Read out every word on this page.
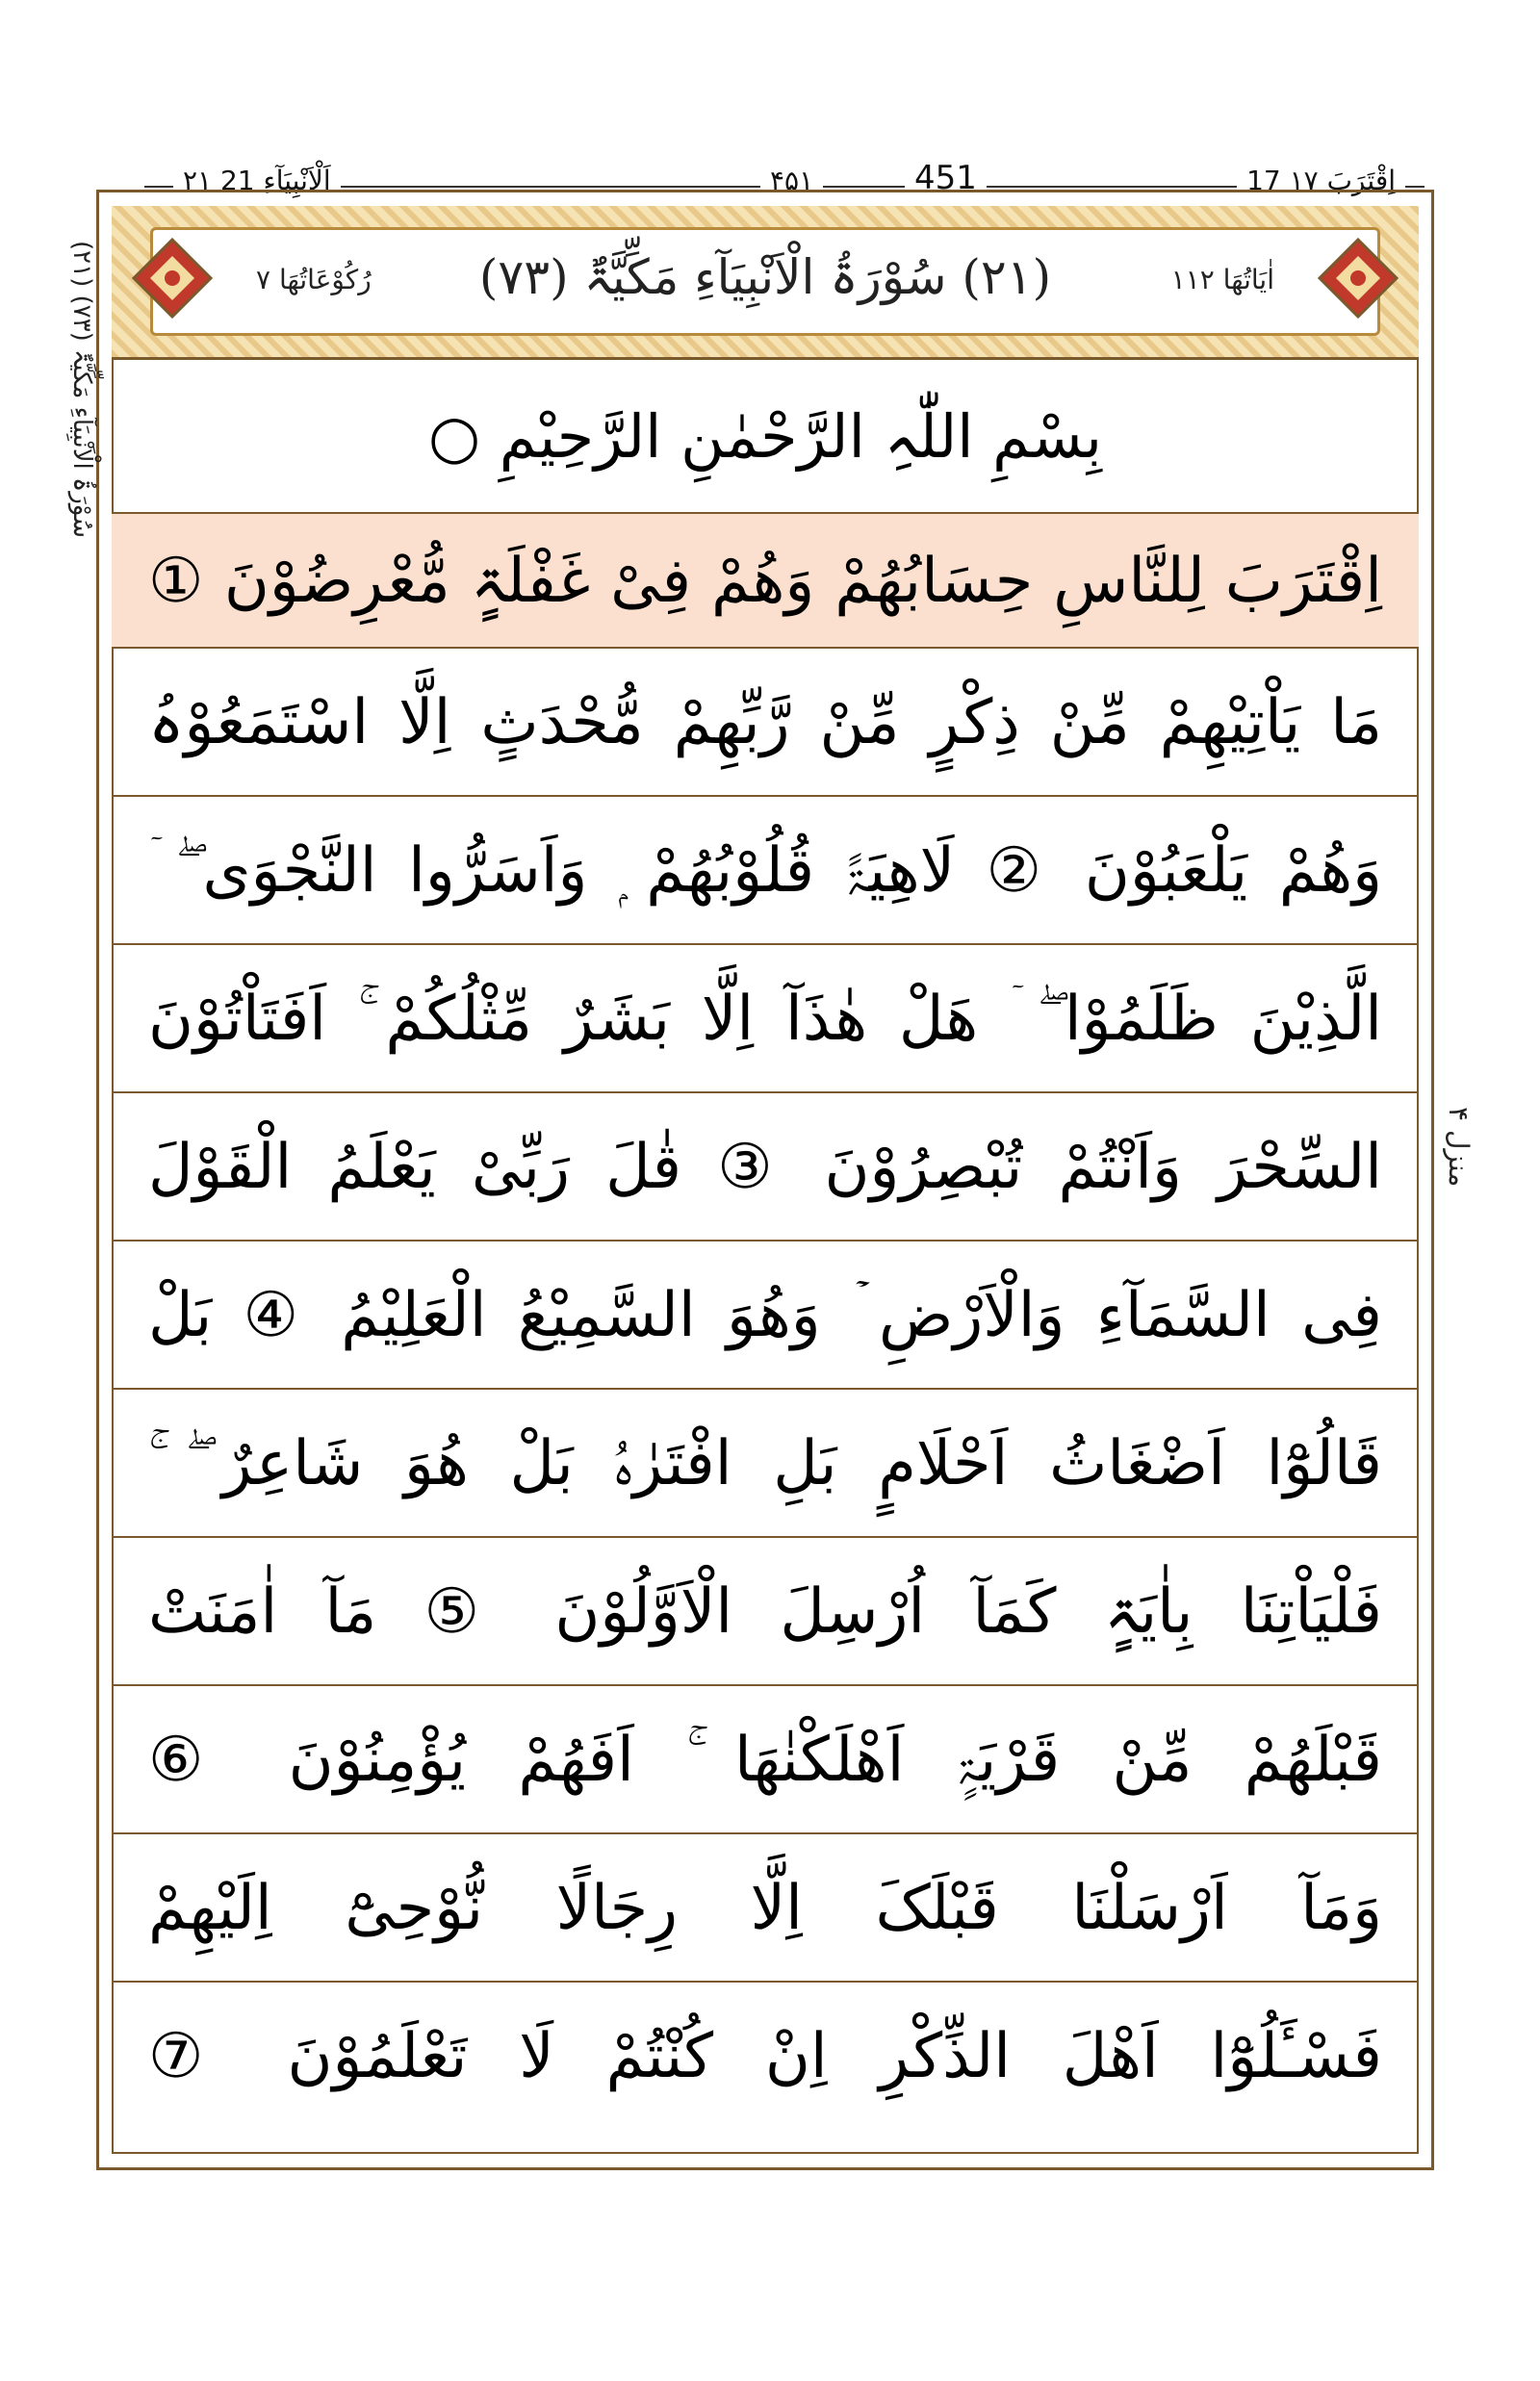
۲۱ اَلْاَنْبِیَآءِ 21	۴۵۱	451	17 اِقْتَرَبَ ۱۷
اٰیَاتُھَا ۱۱۲
(۲۱) سُوْرَۃُ الْاَنْبِیَآءِ مَکِّیَّۃٌ (۷۳)
رُکُوْعَاتُھَا ۷
(۲۱) سُوْرَۃُ الْاَنْبِیَآءِ مَکِّیَّۃٌ (۷۳)
منزل ۴
بِسْمِ اللّٰہِ الرَّحْمٰنِ الرَّحِیْمِ ○
اِقْتَرَبَ لِلنَّاسِ حِسَابُھُمْ وَھُمْ فِیْ غَفْلَۃٍ مُّعْرِضُوْنَ ①
مَا یَاْتِیْھِمْ مِّنْ ذِکْرٍ مِّنْ رَّبِّھِمْ مُّحْدَثٍ اِلَّا اسْتَمَعُوْہُ
وَھُمْ یَلْعَبُوْنَ ② لَاھِیَۃً قُلُوْبُھُمْ ۭ وَاَسَرُّوا النَّجْوَی ۖ ۤ
الَّذِیْنَ ظَلَمُوْا ۖ ۤ ھَلْ ھٰذَآ اِلَّا بَشَرٌ مِّثْلُکُمْ ۚ اَفَتَاْتُوْنَ
السِّحْرَ وَاَنْتُمْ تُبْصِرُوْنَ ③ قٰلَ رَبِّیْ یَعْلَمُ الْقَوْلَ
فِی السَّمَآءِ وَالْاَرْضِ ۡ وَھُوَ السَّمِیْعُ الْعَلِیْمُ ④ بَلْ
قَالُوْٓا اَضْغَاثُ اَحْلَامٍ بَلِ افْتَرٰہُ بَلْ ھُوَ شَاعِرٌ ۖ ۚ
فَلْیَاْتِنَا بِاٰیَۃٍ کَمَآ اُرْسِلَ الْاَوَّلُوْنَ ⑤ مَآ اٰمَنَتْ
قَبْلَھُمْ مِّنْ قَرْیَۃٍ اَھْلَکْنٰھَا ۚ اَفَھُمْ یُؤْمِنُوْنَ ⑥
وَمَآ اَرْسَلْنَا قَبْلَکَ اِلَّا رِجَالًا نُّوْحِیْٓ اِلَیْھِمْ
فَسْـَٔلُوْٓا اَھْلَ الذِّکْرِ اِنْ کُنْتُمْ لَا تَعْلَمُوْنَ ⑦
